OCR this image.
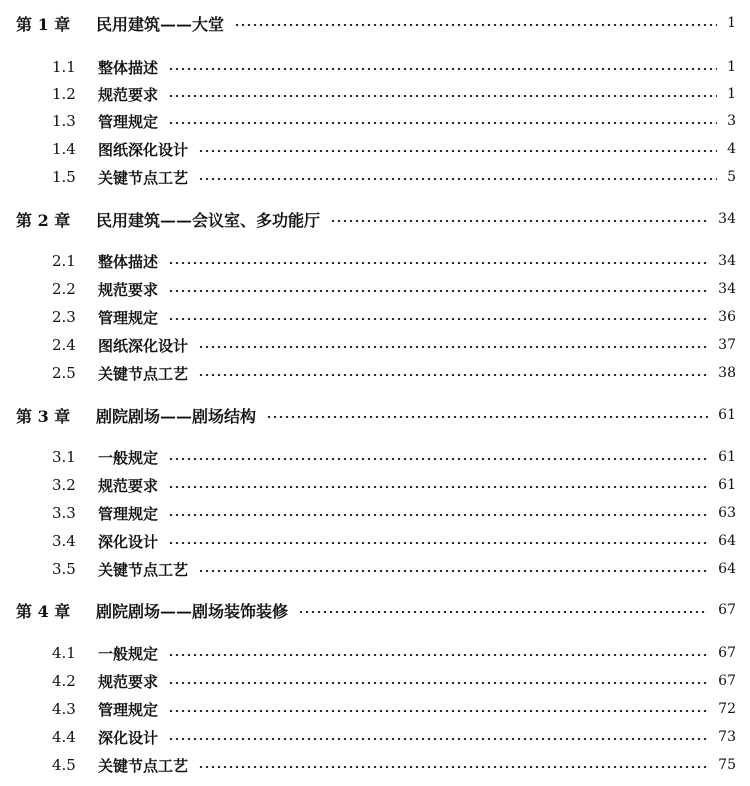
第 1 章	民用建筑——大堂	1
1.1	整体描述	1
1.2	规范要求	1
1.3	管理规定	3
1.4	图纸深化设计	4
1.5	关键节点工艺	5
第 2 章	民用建筑——会议室、多功能厅	34
2.1	整体描述	34
2.2	规范要求	34
2.3	管理规定	36
2.4	图纸深化设计	37
2.5	关键节点工艺	38
第 3 章	剧院剧场——剧场结构	61
3.1	一般规定	61
3.2	规范要求	61
3.3	管理规定	63
3.4	深化设计	64
3.5	关键节点工艺	64
第 4 章	剧院剧场——剧场装饰装修	67
4.1	一般规定	67
4.2	规范要求	67
4.3	管理规定	72
4.4	深化设计	73
4.5	关键节点工艺	75
